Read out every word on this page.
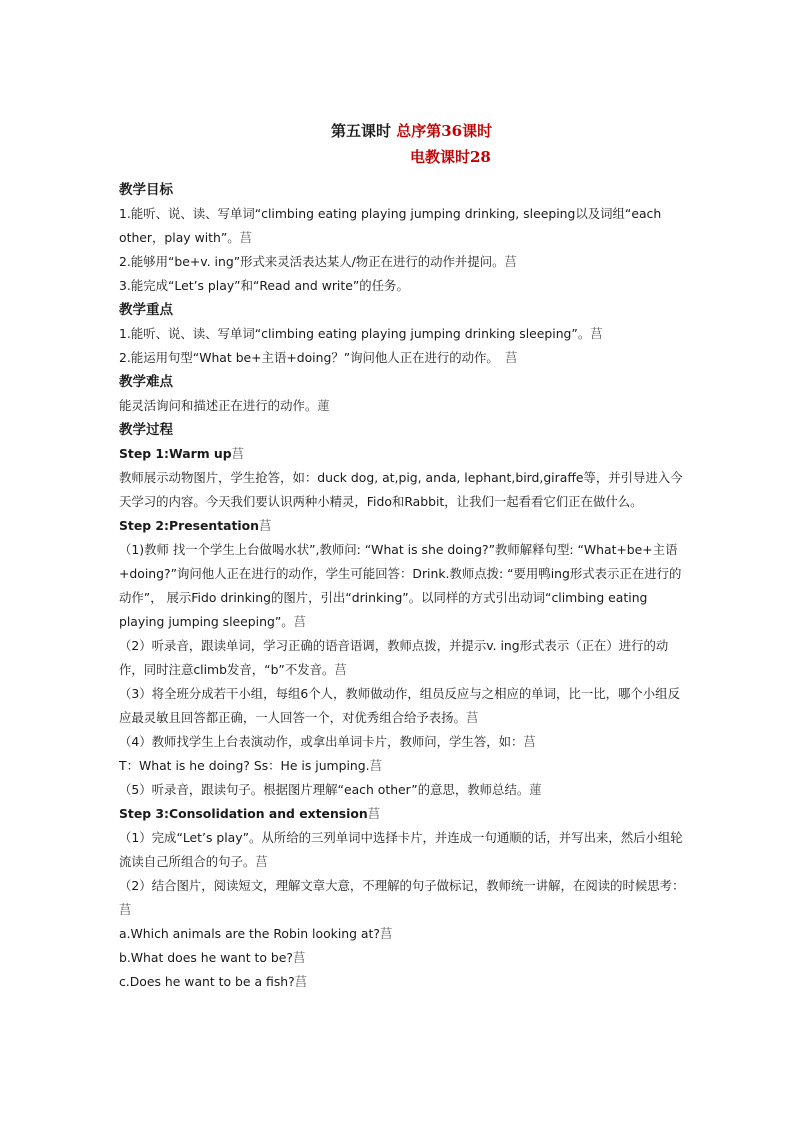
第五课时 总序第36课时
电教课时28

教学目标

1.能听、说、读、写单词“climbing eating playing jumping drinking, sleeping以及词组“each other，play with”。莒

2.能够用“be+v. ing”形式来灵活表达某人/物正在进行的动作并提问。莒

3.能完成“Let’s play”和“Read and write”的任务。

教学重点

1.能听、说、读、写单词“climbing eating playing jumping drinking sleeping”。莒

2.能运用句型“What be+主语+doing？”询问他人正在进行的动作。　 莒

教学难点

能灵活询问和描述正在进行的动作。蓮

教学过程

Step 1:Warm up莒

教师展示动物图片，学生抢答，如：duck dog, at,pig, anda, lephant,bird,giraffe等，并引导进入今天学习的内容。今天我们要认识两种小精灵，Fido和Rabbit，让我们一起看看它们正在做什么。

Step 2:Presentation莒

（1)教师 找一个学生上台做喝水状”,教师问: “What is she doing?”教师解释句型: “What+be+主语+doing?”询问他人正在进行的动作，学生可能回答：Drink.教师点拨: “要用鸭ing形式表示正在进行的动作”， 展示Fido drinking的图片，引出“drinking”。以同样的方式引出动词“climbing eating playing jumping sleeping”。莒

（2）听录音，跟读单词，学习正确的语音语调，教师点拨，并提示v. ing形式表示（正在）进行的动作，同时注意climb发音，“b”不发音。莒

（3）将全班分成若干小组，每组6个人，教师做动作，组员反应与之相应的单词，比一比，哪个小组反应最灵敏且回答都正确，一人回答一个，对优秀组合给予表扬。莒

（4）教师找学生上台表演动作，或拿出单词卡片，教师问，学生答，如：莒

T：What is he doing? Ss：He is jumping.莒

（5）听录音，跟读句子。根据图片理解“each other”的意思，教师总结。蓮

Step 3:Consolidation and extension莒

（1）完成“Let’s play”。从所给的三列单词中选择卡片，并连成一句通顺的话，并写出来，然后小组轮流读自己所组合的句子。莒

（2）结合图片，阅读短文，理解文章大意，不理解的句子做标记，教师统一讲解，在阅读的时候思考：莒

a.Which animals are the Robin looking at?莒

b.What does he want to be?莒

c.Does he want to be a fish?莒
